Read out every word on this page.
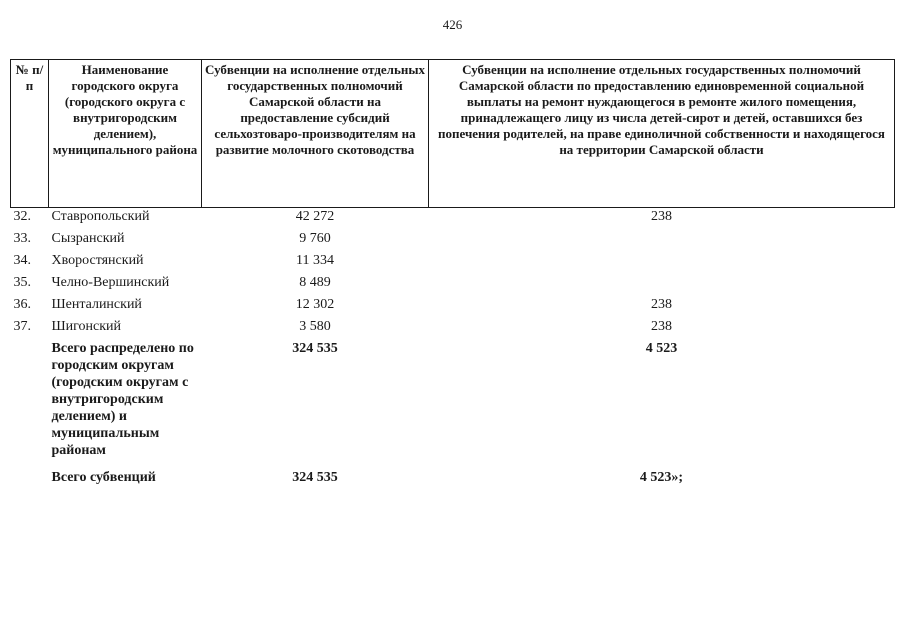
426
№ п/п	Наименование городского округа (городского округа с внутригородским делением), муниципального района	Субвенции на исполнение отдельных государственных полномочий Самарской области на предоставление субсидий сельхозтоваро-производителям на развитие молочного скотоводства	Субвенции на исполнение отдельных государственных полномочий Самарской области по предоставлению единовременной социальной выплаты на ремонт нуждающегося в ремонте жилого помещения, принадлежащего лицу из числа детей-сирот и детей, оставшихся без попечения родителей, на праве единоличной собственности и находящегося на территории Самарской области
32.	Ставропольский	42 272	238
33.	Сызранский	9 760	
34.	Хворостянский	11 334	
35.	Челно-Вершинский	8 489	
36.	Шенталинский	12 302	238
37.	Шигонский	3 580	238
	Всего распределено по городским округам (городским округам с внутригородским делением) и муниципальным районам	324 535	4 523
	Всего субвенций	324 535	4 523»;
